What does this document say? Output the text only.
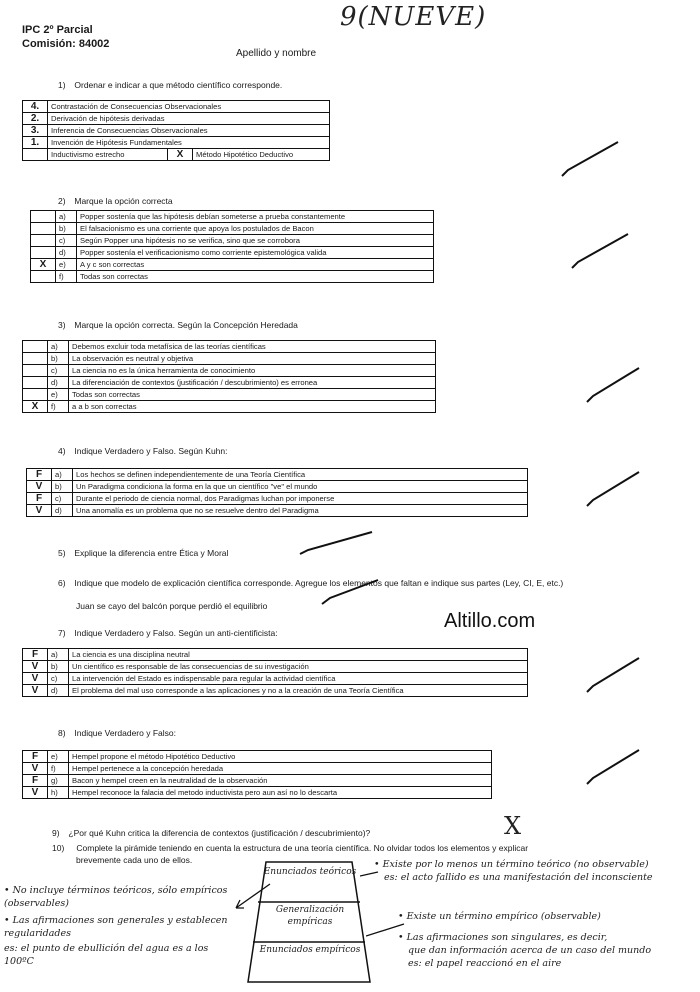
IPC 2º Parcial
Comisión: 84002
Apellido y nombre
9(NUEVE)
1) Ordenar e indicar a que método científico corresponde.
4.	Contrastación de Consecuencias Observacionales		
2.	Derivación de hipótesis derivadas		
3.	Inferencia de Consecuencias Observacionales		
1.	Invención de Hipótesis Fundamentales		
	Inductivismo estrecho	X	Método Hipotético Deductivo
2) Marque la opción correcta
	a)	Popper sostenía que las hipótesis debían someterse a prueba constantemente
	b)	El falsacionismo es una corriente que apoya los postulados de Bacon
	c)	Según Popper una hipótesis no se verifica, sino que se corrobora
	d)	Popper sostenía el verificacionismo como corriente epistemológica valida
X	e)	A y c son correctas
	f)	Todas son correctas
3) Marque la opción correcta. Según la Concepción Heredada
	a)	Debemos excluir toda metafísica de las teorías científicas
	b)	La observación es neutral y objetiva
	c)	La ciencia no es la única herramienta de conocimiento
	d)	La diferenciación de contextos (justificación / descubrimiento) es erronea
	e)	Todas son correctas
X	f)	a a b son correctas
4) Indique Verdadero y Falso. Según Kuhn:
F	a)	Los hechos se definen independientemente de una Teoría Científica
V	b)	Un Paradigma condiciona la forma en la que un científico "ve" el mundo
F	c)	Durante el periodo de ciencia normal, dos Paradigmas luchan por imponerse
V	d)	Una anomalía es un problema que no se resuelve dentro del Paradigma
5) Explique la diferencia entre Ética y Moral
6) Indique que modelo de explicación científica corresponde. Agregue los elementos que faltan e indique sus partes (Ley, CI, E, etc.)
Juan se cayo del balcón porque perdió el equilibrio
Altillo.com
7) Indique Verdadero y Falso. Según un anti-cientificista:
F	a)	La ciencia es una disciplina neutral
V	b)	Un científico es responsable de las consecuencias de su investigación
V	c)	La intervención del Estado es indispensable para regular la actividad científica
V	d)	El problema del mal uso corresponde a las aplicaciones y no a la creación de una Teoría Científica
8) Indique Verdadero y Falso:
F	e)	Hempel propone el método Hipotético Deductivo
V	f)	Hempel pertenece a la concepción heredada
F	g)	Bacon y hempel creen en la neutralidad de la observación
V	h)	Hempel reconoce la falacia del metodo inductivista pero aun así no lo descarta
9) ¿Por qué Kuhn critica la diferencia de contextos (justificación / descubrimiento)?	X
10) Complete la pirámide teniendo en cuenta la estructura de una teoría científica. No olvidar todos los elementos y explicar
brevemente cada uno de ellos.
Enunciados teóricos
Generalización empíricas
Enunciados empíricos
• Existe por lo menos un término teórico (no observable)
es: el acto fallido es una manifestación del inconsciente
• No incluye términos teóricos, sólo empíricos (observables)
• Las afirmaciones son generales y establecen regularidades
es: el punto de ebullición del agua es a los 100ºC
• Existe un término empírico (observable)
• Las afirmaciones son singulares, es decir,
que dan información acerca de un caso del mundo
es: el papel reaccionó en el aire
